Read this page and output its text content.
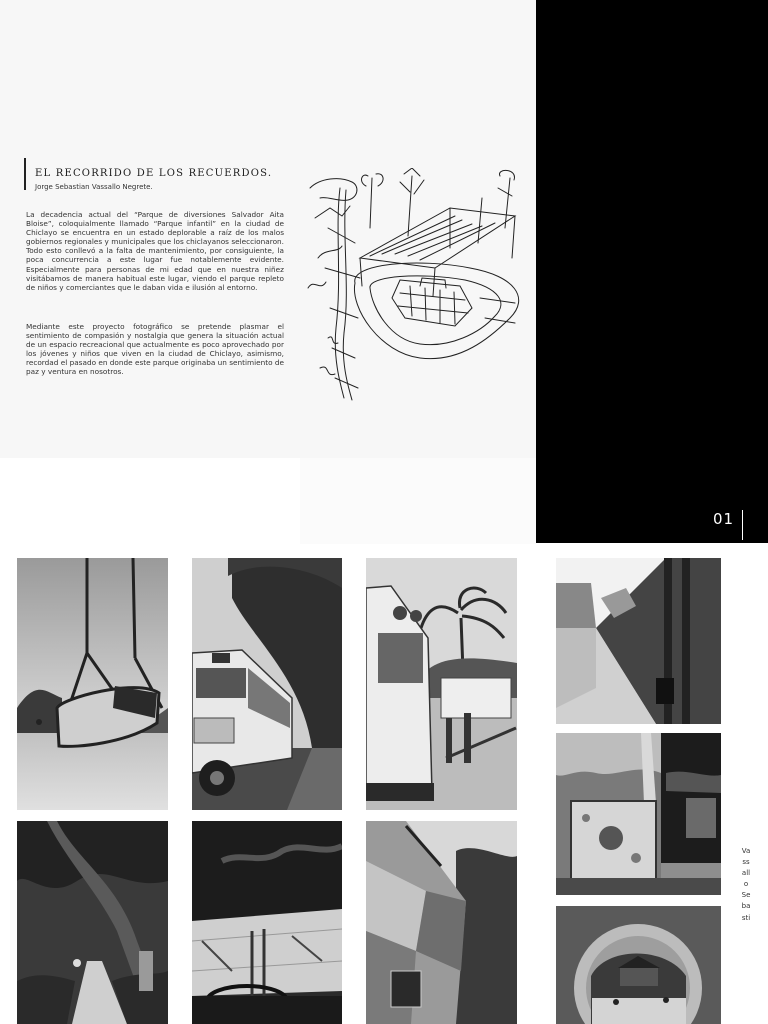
01
EL RECORRIDO DE LOS RECUERDOS.
Jorge Sebastian Vassallo Negrete.

La decadencia actual del “Parque de diversiones Salvador Aita Bloise”, coloquialmente llamado “Parque infantil” en la ciudad de Chiclayo se encuentra en un estado deplorable a raíz de los malos gobiernos regionales y municipales que los chiclayanos seleccionaron. Todo esto conllevó a la falta de mantenimiento, por consiguiente, la poca concurrencia a este lugar fue notablemente evidente. Especialmente para personas de mi edad que en nuestra niñez visitábamos de manera habitual este lugar, viendo el parque repleto de niños y comerciantes que le daban vida e ilusión al entorno.

Mediante este proyecto fotográfico se pretende plasmar el sentimiento de compasión y nostalgia que genera la situación actual de un espacio recreacional que actualmente es poco aprovechado por los jóvenes y niños que viven en la ciudad de Chiclayo, asimismo, recordad el pasado en donde este parque originaba un sentimiento de paz y ventura en nosotros.

Vassallo Sebasti
